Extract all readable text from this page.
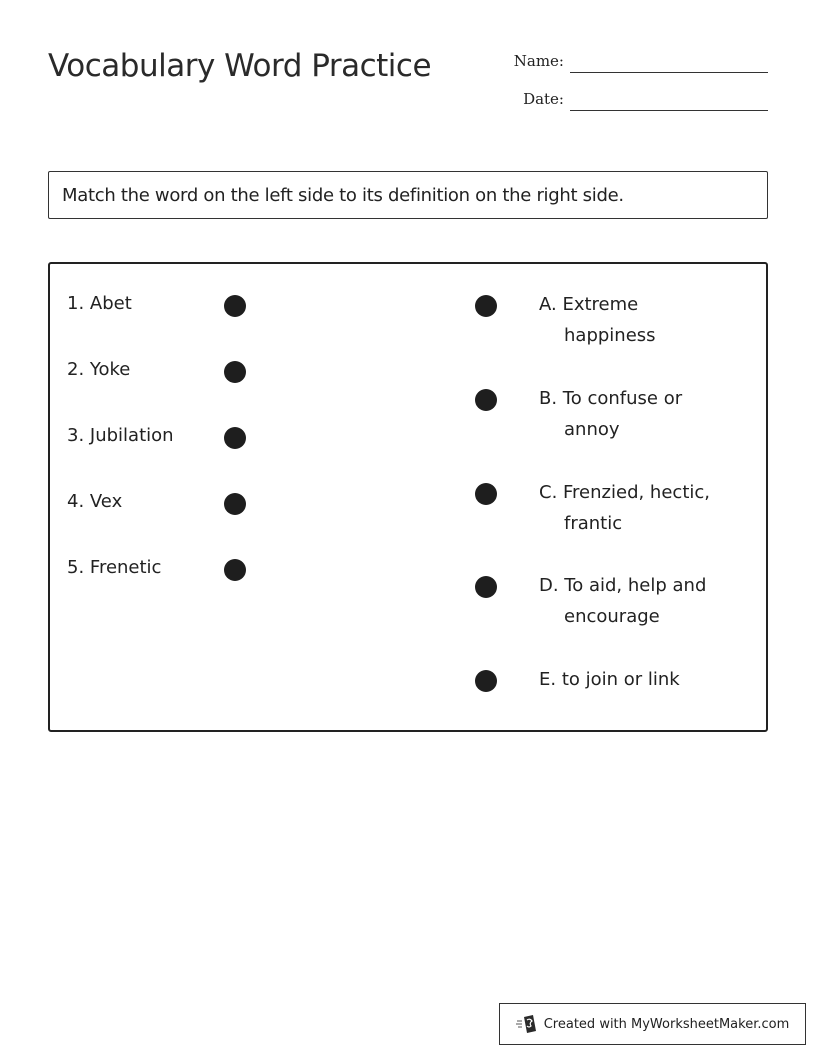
Vocabulary Word Practice	Name:
Date:
Match the word on the left side to its definition on the right side.
1. Abet
2. Yoke
3. Jubilation
4. Vex
5. Frenetic
A. Extreme
happiness
B. To confuse or
annoy
C. Frenzied, hectic,
frantic
D. To aid, help and
encourage
E. to join or link
Created with MyWorksheetMaker.com
